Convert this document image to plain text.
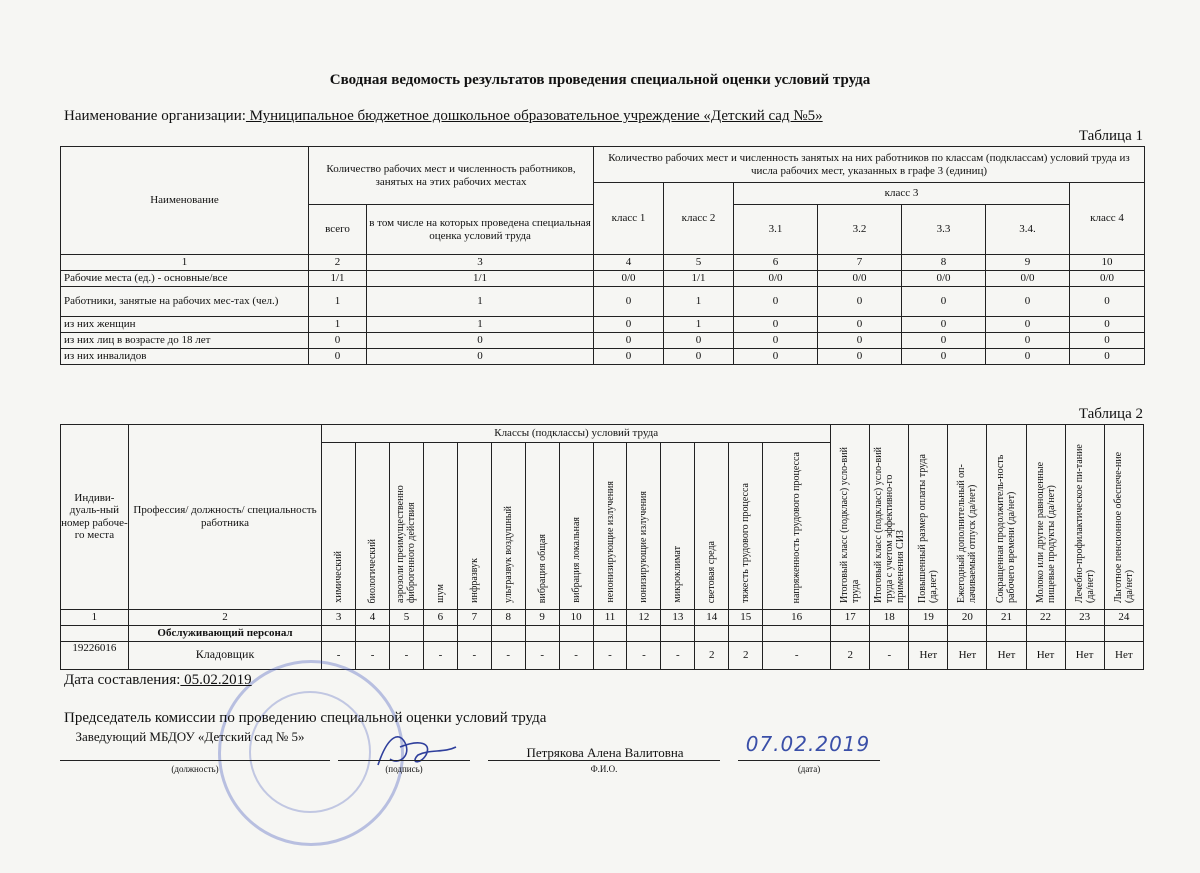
Сводная ведомость результатов проведения специальной оценки условий труда
Наименование организации: Муниципальное бюджетное дошкольное образовательное учреждение «Детский сад №5»
Таблица 1
Наименование	Количество рабочих мест и численность работников, занятых на этих рабочих местах		Количество рабочих мест и численность занятых на них работников по классам (подклассам) условий труда из числа рабочих мест, указанных в графе 3 (единиц)						
			класс 1	класс 2	класс 3				класс 4
	всего	в том числе на которых проведена специальная оценка условий труда			3.1	3.2	3.3	3.4.	
1	2	3	4	5	6	7	8	9	10
Рабочие места (ед.) - основные/все	1/1	1/1	0/0	1/1	0/0	0/0	0/0	0/0	0/0
Работники, занятые на рабочих мес-тах (чел.)	1	1	0	1	0	0	0	0	0
из них женщин	1	1	0	1	0	0	0	0	0
из них лиц в возрасте до 18 лет	0	0	0	0	0	0	0	0	0
из них инвалидов	0	0	0	0	0	0	0	0	0
Таблица 2
Индиви-дуаль-ный номер рабоче-го места	Профессия/ должность/ специальность работника	Классы (подклассы) условий труда														Итоговый класс (подкласс) усло-вий труда	Итоговый класс (подкласс) усло-вий труда с учетом эффективно-го применения СИЗ	Повышенный размер оплаты труда (да,нет)	Ежегодный дополнительный оп-лачиваемый отпуск (да/нет)	Сокращенная продолжитель-ность рабочего времени (да/нет)	Молоко или другие равноценные пищевые продукты (да/нет)	Лечебно-профилактическое пи-тание (да/нет)	Льготное пенсионное обеспече-ние (да/нет)
		химический	биологический	аэрозоли преимущественно фиброгенного действия	шум	инфразвук	ультразвук воздушный	вибрация общая	вибрация локальная	неионизирующие излучения	ионизирующие излучения	микроклимат	световая среда	тяжесть трудового процесса	напряженность трудового процесса								
1	2	3	4	5	6	7	8	9	10	11	12	13	14	15	16	17	18	19	20	21	22	23	24
	Обслуживающий персонал																						
19226016	Кладовщик	-	-	-	-	-	-	-	-	-	-	-	2	2	-	2	-	Нет	Нет	Нет	Нет	Нет	Нет
Дата составления: 05.02.2019
Председатель комиссии по проведению специальной оценки условий труда
Заведующий МБДОУ «Детский сад № 5»
(должность)	(подпись)
Петрякова Алена Валитовна
Ф.И.О.
07.02.2019
(дата)
